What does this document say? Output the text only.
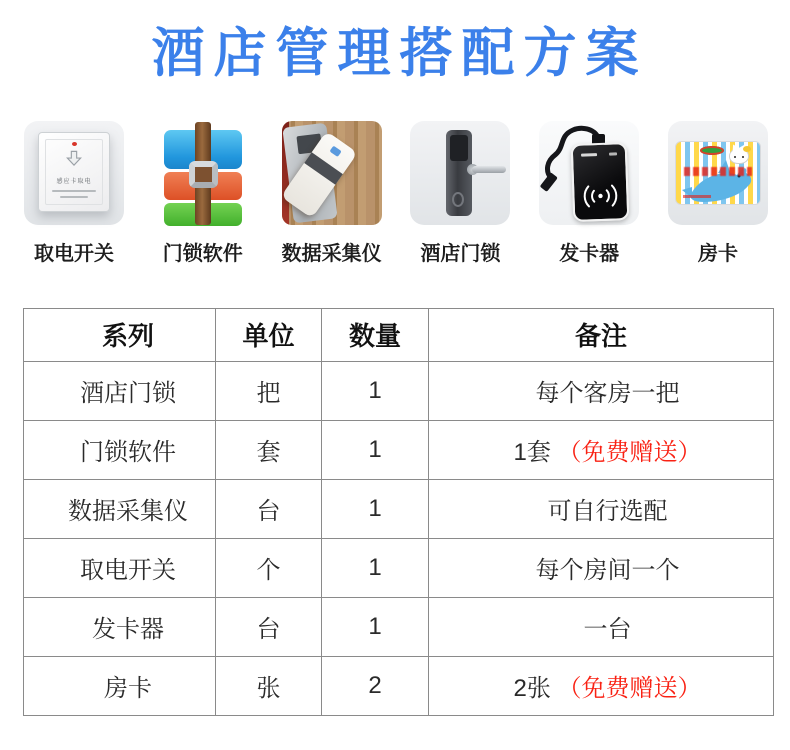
酒店管理搭配方案
感应卡取电
取电开关 门锁软件 数据采集仪 酒店门锁	发卡器	房卡
系列	单位	数量	备注
酒店门锁	把	1	每个客房一把
门锁软件	套	1	1套 （免费赠送）
数据采集仪	台	1	可自行选配
取电开关	个	1	每个房间一个
发卡器	台	1	一台
房卡	张	2	2张 （免费赠送）
